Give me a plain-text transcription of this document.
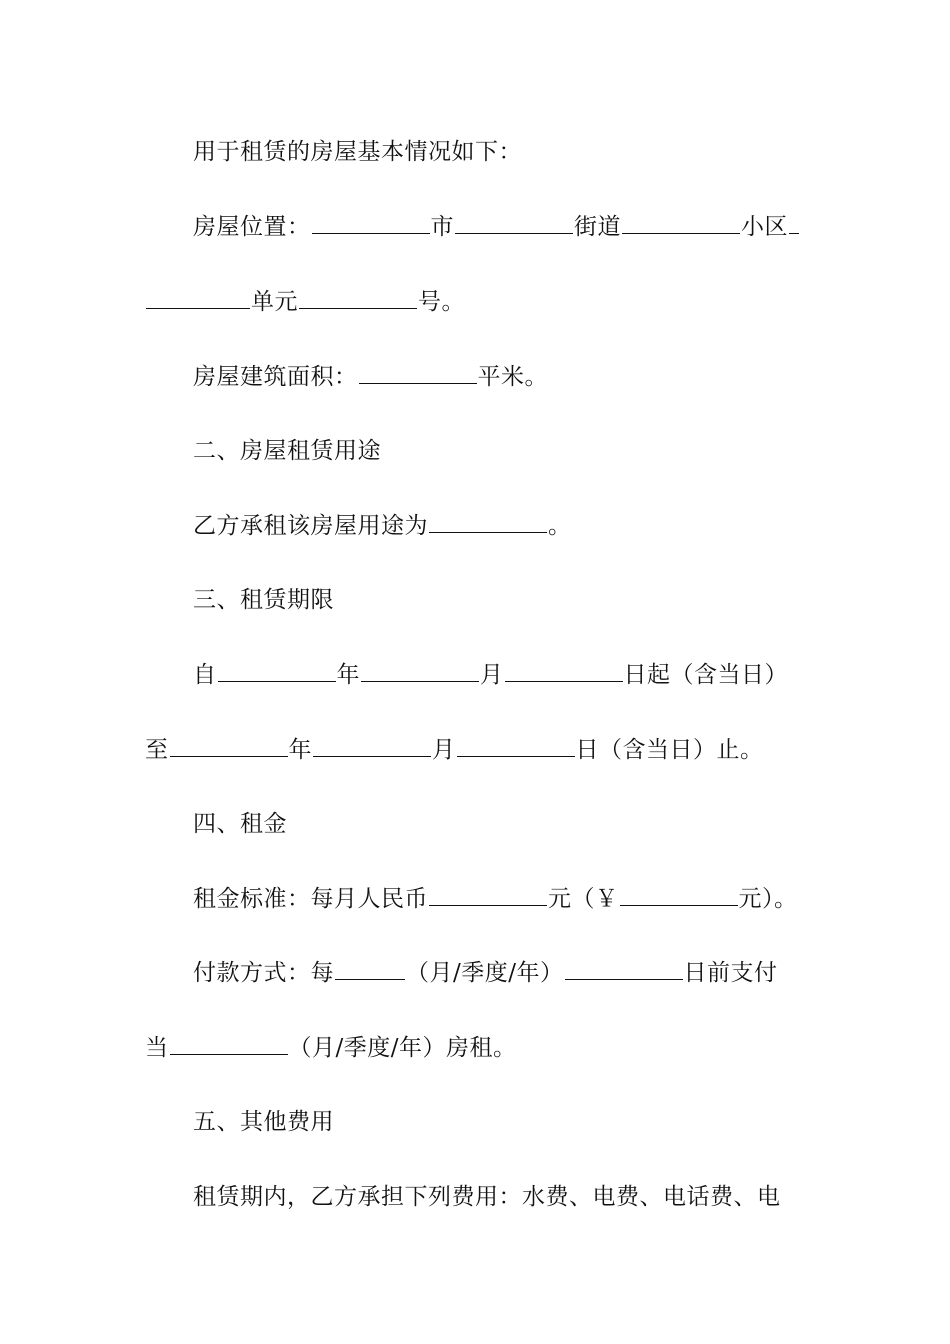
用于租赁的房屋基本情况如下：
房屋位置：	市	街道	小区
单元	号。
房屋建筑面积：	平米。
二、房屋租赁用途
乙方承租该房屋用途为	。
三、租赁期限
自	年	月	日起（含当日）
至	年	月	日（含当日）止。
四、租金
租金标准：每月人民币	元（￥	元）。
付款方式：每	（月/季度/年）	日前支付
当	（月/季度/年）房租。
五、其他费用
租赁期内，乙方承担下列费用：水费、电费、电话费、电
